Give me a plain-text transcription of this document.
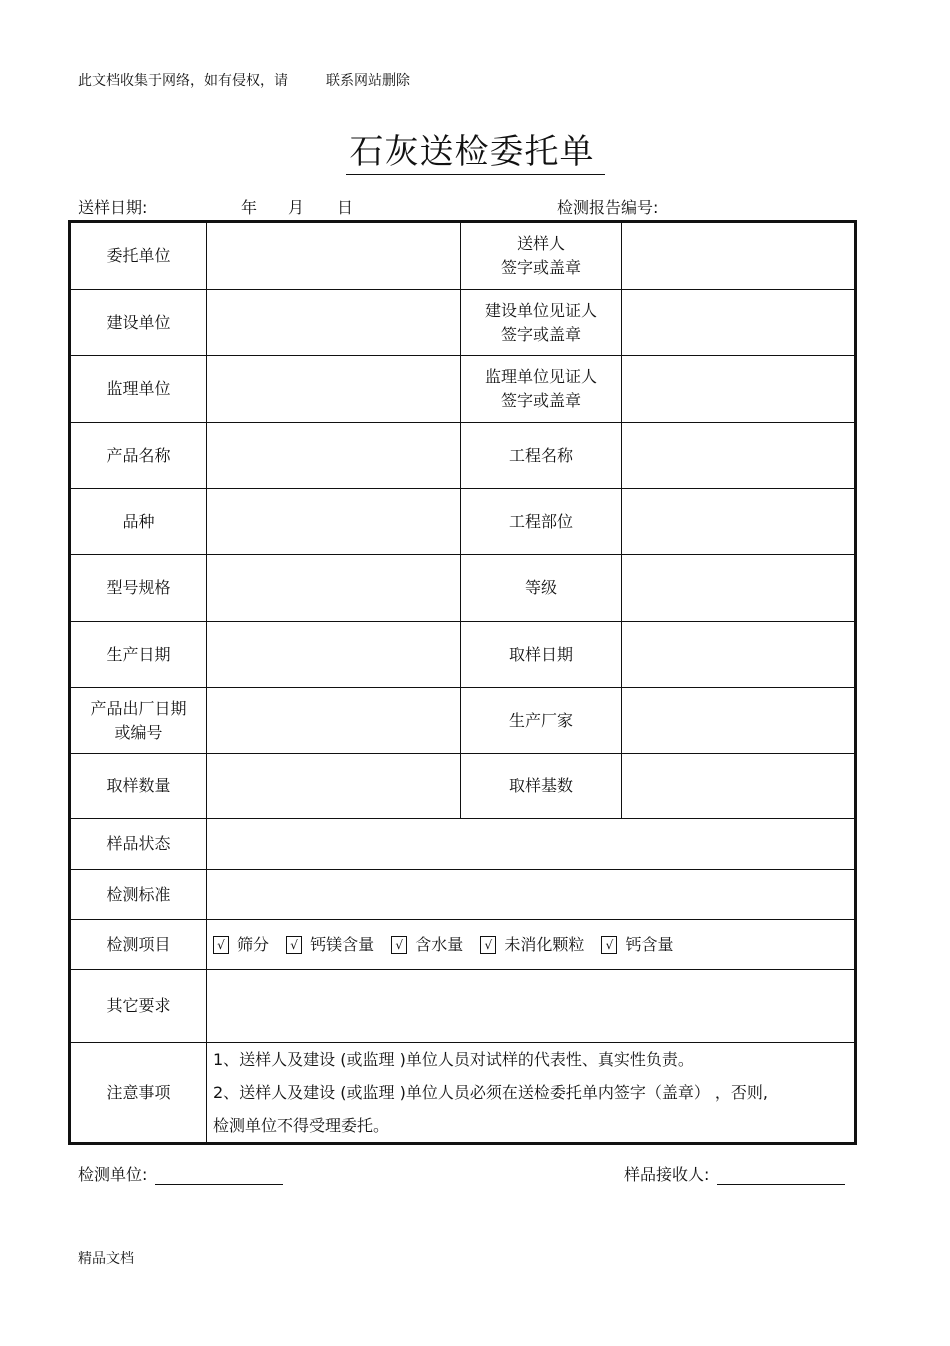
此文档收集于网络，如有侵权，请	联系网站删除
石灰送检委托单
送样日期:	年 月 日	检测报告编号:
委托单位		送样人
签字或盖章	
建设单位		建设单位见证人
签字或盖章	
监理单位		监理单位见证人
签字或盖章	
产品名称		工程名称	
品种		工程部位	
型号规格		等级	
生产日期		取样日期	
产品出厂日期
或编号		生产厂家	
取样数量		取样基数	
样品状态			
检测标准			
检测项目	√ 筛分 √ 钙镁含量 √ 含水量 √ 未消化颗粒 √ 钙含量		
其它要求			
注意事项	1、送样人及建设 (或监理 )单位人员对试样的代表性、真实性负责。

2、送样人及建设 (或监理 )单位人员必须在送检委托单内签字（盖章） ，否则,

检测单位不得受理委托。		

检测单位:	样品接收人:
精品文档
